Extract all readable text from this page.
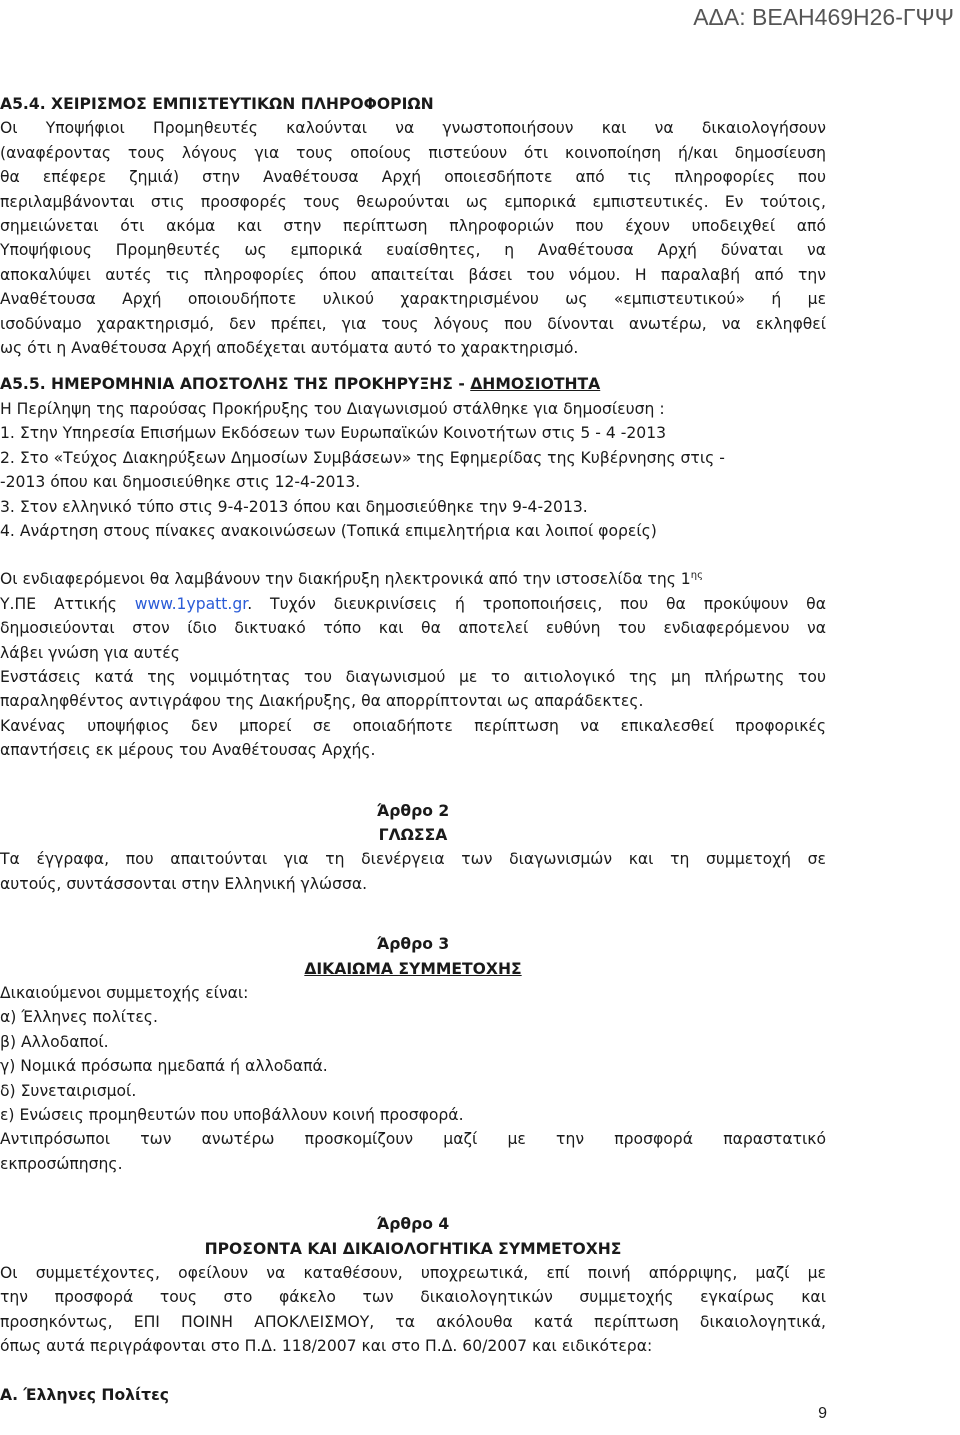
ΑΔΑ: ΒΕΑΗ469Η26-ΓΨΨ
Α5.4. ΧΕΙΡΙΣΜΟΣ ΕΜΠΙΣΤΕΥΤΙΚΩΝ ΠΛΗΡΟΦΟΡΙΩΝ
Οι Υποψήφιοι Προμηθευτές καλούνται να γνωστοποιήσουν και να δικαιολογήσουν
(αναφέροντας τους λόγους για τους οποίους πιστεύουν ότι κοινοποίηση ή/και δημοσίευση
θα επέφερε ζημιά) στην Αναθέτουσα Αρχή οποιεσδήποτε από τις πληροφορίες που
περιλαμβάνονται στις προσφορές τους θεωρούνται ως εμπορικά εμπιστευτικές. Εν τούτοις,
σημειώνεται ότι ακόμα και στην περίπτωση πληροφοριών που έχουν υποδειχθεί από
Υποψήφιους Προμηθευτές ως εμπορικά ευαίσθητες, η Αναθέτουσα Αρχή δύναται να
αποκαλύψει αυτές τις πληροφορίες όπου απαιτείται βάσει του νόμου. Η παραλαβή από την
Αναθέτουσα Αρχή οποιουδήποτε υλικού χαρακτηρισμένου ως «εμπιστευτικού» ή με
ισοδύναμο χαρακτηρισμό, δεν πρέπει, για τους λόγους που δίνονται ανωτέρω, να εκληφθεί
ως ότι η Αναθέτουσα Αρχή αποδέχεται αυτόματα αυτό το χαρακτηρισμό.
Α5.5. ΗΜΕΡΟΜΗΝΙΑ ΑΠΟΣΤΟΛΗΣ ΤΗΣ ΠΡΟΚΗΡΥΞΗΣ - ΔΗΜΟΣΙΟΤΗΤΑ
Η Περίληψη της παρούσας Προκήρυξης του Διαγωνισμού στάλθηκε για δημοσίευση :
1. Στην Υπηρεσία Επισήμων Εκδόσεων των Ευρωπαϊκών Κοινοτήτων στις 5 - 4 -2013
2. Στο «Τεύχος Διακηρύξεων Δημοσίων Συμβάσεων» της Εφημερίδας της Κυβέρνησης στις -
-2013 όπου και δημοσιεύθηκε στις 12-4-2013.
3. Στον ελληνικό τύπο στις 9-4-2013 όπου και δημοσιεύθηκε την 9-4-2013.
4. Ανάρτηση στους πίνακες ανακοινώσεων (Τοπικά επιμελητήρια και λοιποί φορείς)
Οι ενδιαφερόμενοι θα λαμβάνουν την διακήρυξη ηλεκτρονικά από την ιστοσελίδα της $1^{\eta\varsigma}$
Υ.ΠΕ Αττικής www.1ypatt.gr. Τυχόν διευκρινίσεις ή τροποποιήσεις, που θα προκύψουν θα
δημοσιεύονται στον ίδιο δικτυακό τόπο και θα αποτελεί ευθύνη του ενδιαφερόμενου να
λάβει γνώση για αυτές
Ενστάσεις κατά της νομιμότητας του διαγωνισμού με το αιτιολογικό της μη πλήρωτης του
παραληφθέντος αντιγράφου της Διακήρυξης, θα απορρίπτονται ως απαράδεκτες.
Κανένας υποψήφιος δεν μπορεί σε οποιαδήποτε περίπτωση να επικαλεσθεί προφορικές
απαντήσεις εκ μέρους του Αναθέτουσας Αρχής.
Άρθρο 2
ΓΛΩΣΣΑ
Τα έγγραφα, που απαιτούνται για τη διενέργεια των διαγωνισμών και τη συμμετοχή σε
αυτούς, συντάσσονται στην Ελληνική γλώσσα.
Άρθρο 3
ΔΙΚΑΙΩΜΑ ΣΥΜΜΕΤΟΧΗΣ
Δικαιούμενοι συμμετοχής είναι:
α) Έλληνες πολίτες.
β) Αλλοδαποί.
γ) Νομικά πρόσωπα ημεδαπά ή αλλοδαπά.
δ) Συνεταιρισμοί.
ε) Ενώσεις προμηθευτών που υποβάλλουν κοινή προσφορά.
Αντιπρόσωποι των ανωτέρω προσκομίζουν μαζί με την προσφορά παραστατικό
εκπροσώπησης.
Άρθρο 4
ΠΡΟΣΟΝΤΑ ΚΑΙ ΔΙΚΑΙΟΛΟΓΗΤΙΚΑ ΣΥΜΜΕΤΟΧΗΣ
Οι συμμετέχοντες, οφείλουν να καταθέσουν, υποχρεωτικά, επί ποινή απόρριψης, μαζί με
την προσφορά τους στο φάκελο των δικαιολογητικών συμμετοχής εγκαίρως και
προσηκόντως, ΕΠΙ ΠΟΙΝΗ ΑΠΟΚΛΕΙΣΜΟΥ, τα ακόλουθα κατά περίπτωση δικαιολογητικά,
όπως αυτά περιγράφονται στο Π.Δ. 118/2007 και στο Π.Δ. 60/2007 και ειδικότερα:
Α. Έλληνες Πολίτες
9
